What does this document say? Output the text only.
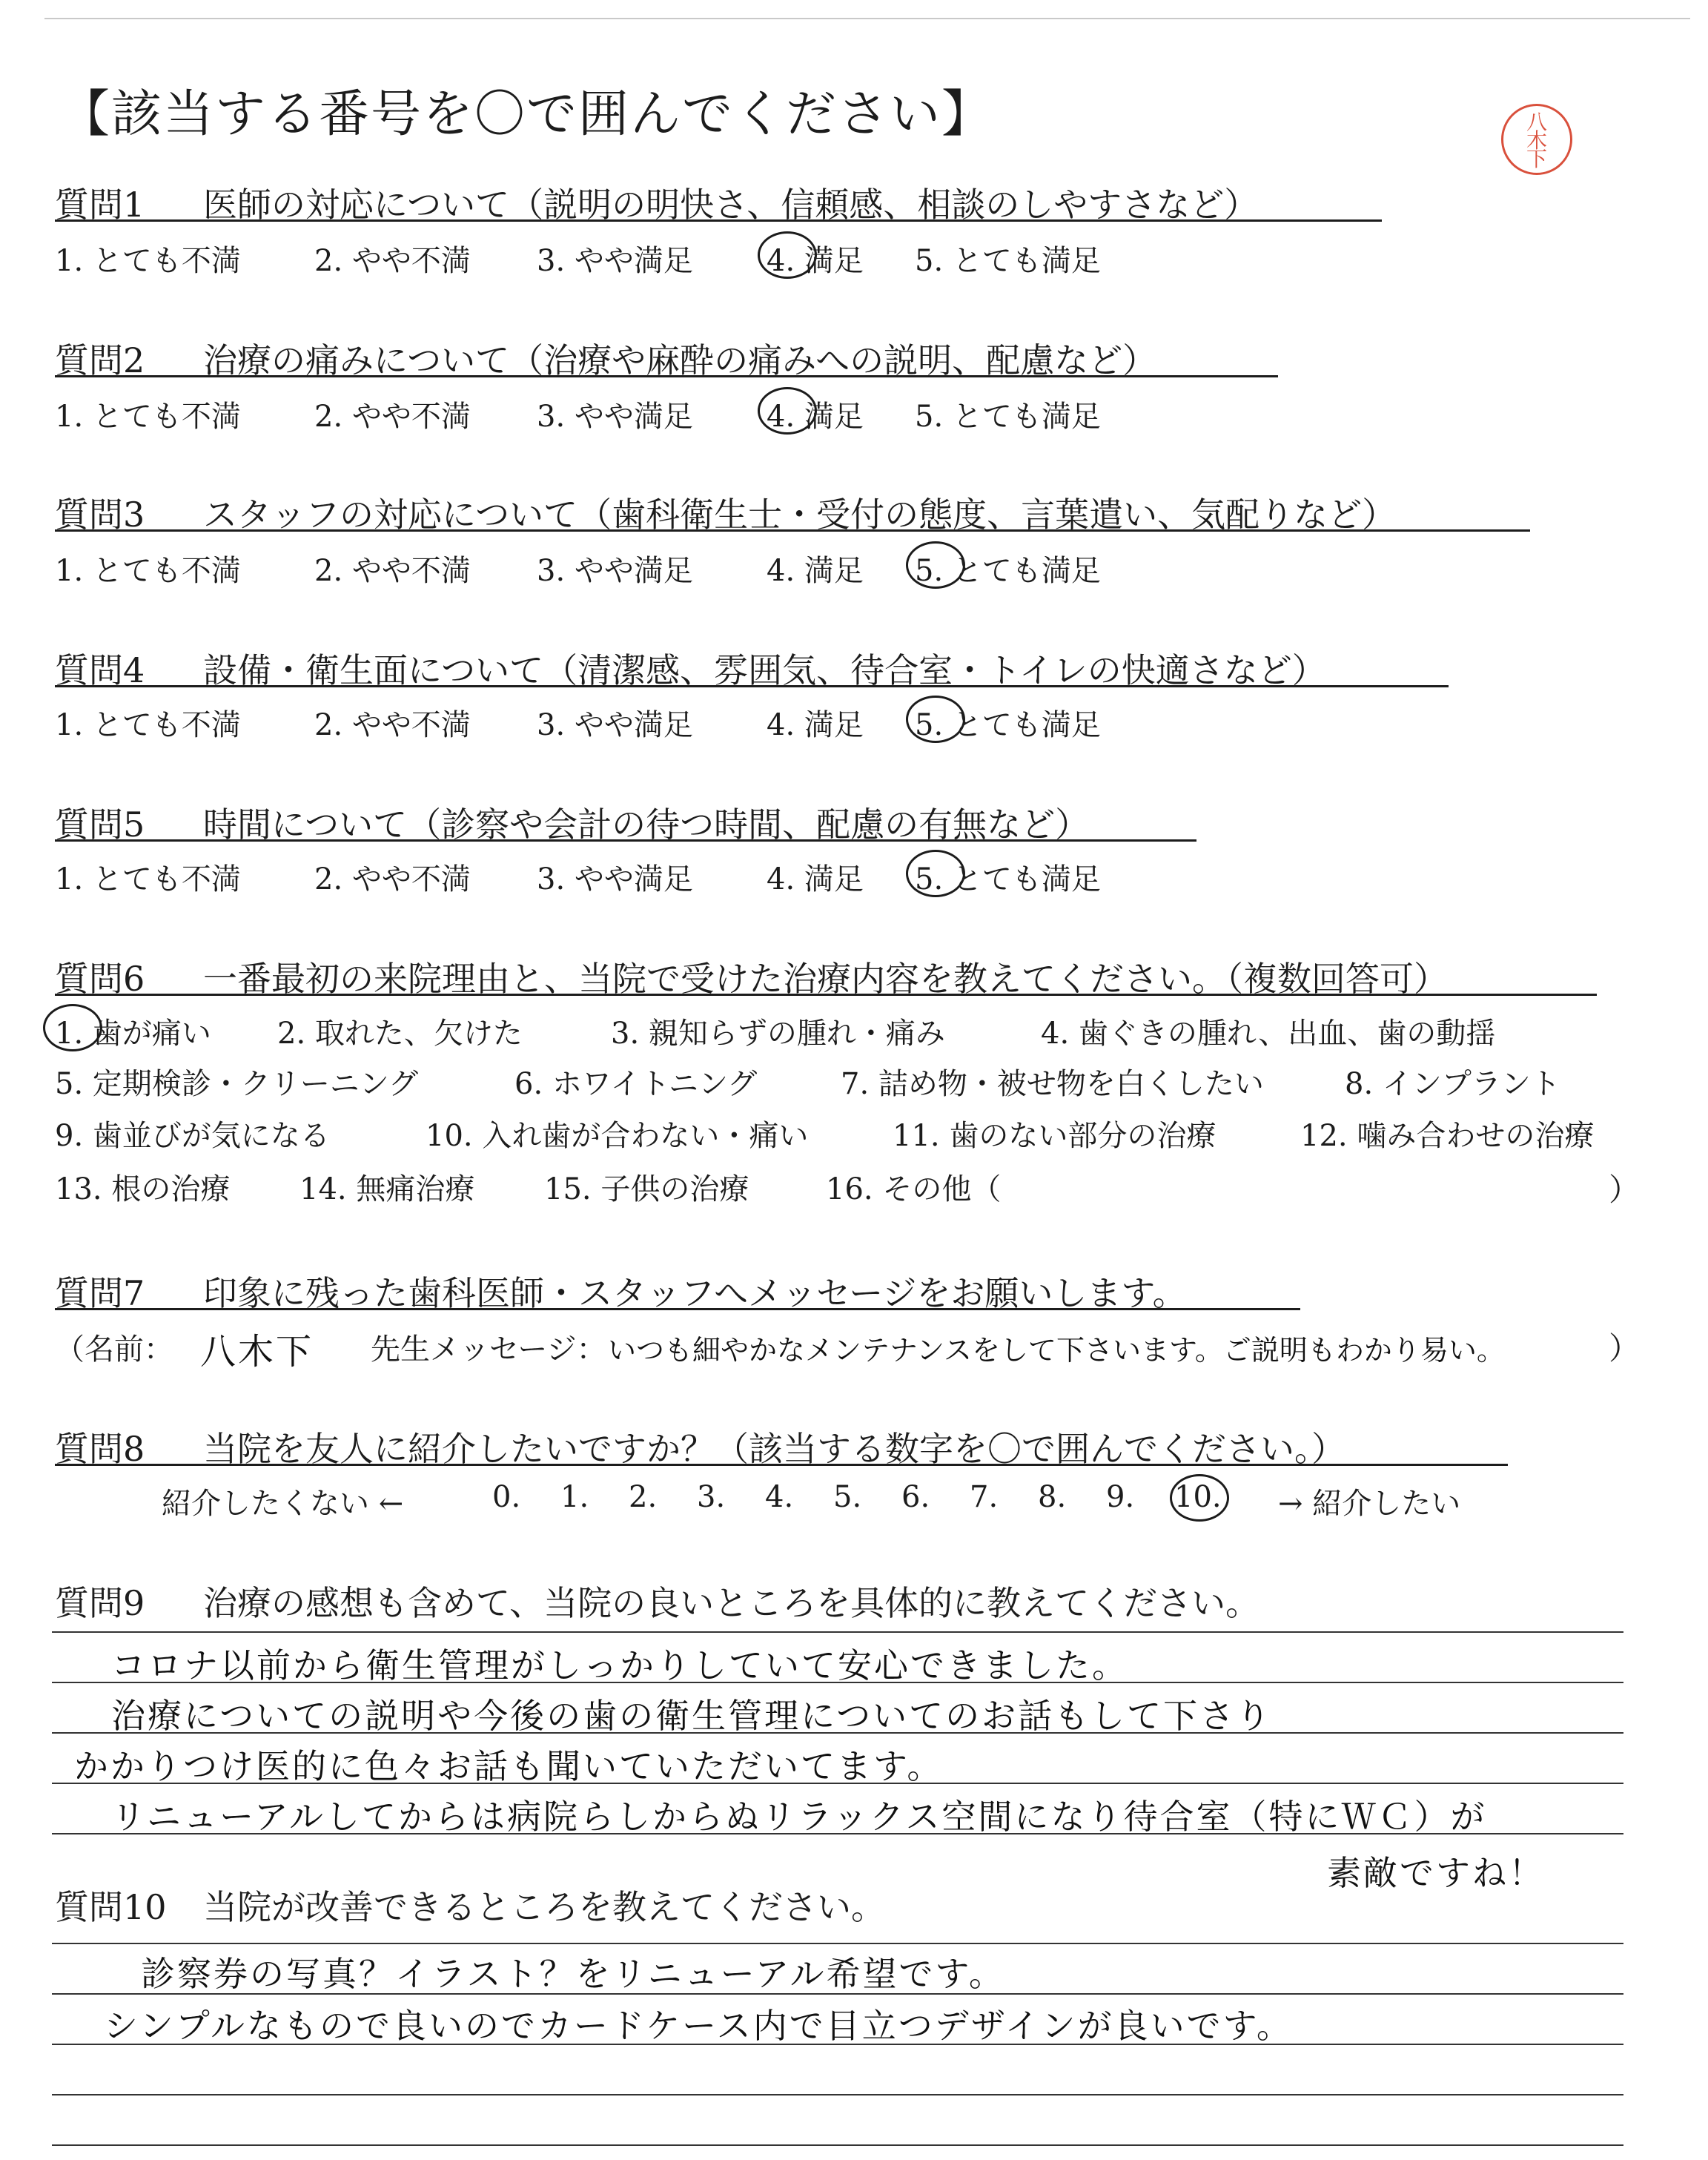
【該当する番号を〇で囲んでください】	八
木
下
質問1 医師の対応について（説明の明快さ、信頼感、相談のしやすさなど）
1. とても不満 2. やや不満 3. やや満足 4. 満足 5. とても満足
質問2 治療の痛みについて（治療や麻酔の痛みへの説明、配慮など）
1. とても不満 2. やや不満 3. やや満足 4. 満足 5. とても満足
質問3 スタッフの対応について（歯科衛生士・受付の態度、言葉遣い、気配りなど）
1. とても不満 2. やや不満 3. やや満足 4. 満足 5. とても満足
質問4 設備・衛生面について（清潔感、雰囲気、待合室・トイレの快適さなど）
1. とても不満 2. やや不満 3. やや満足 4. 満足 5. とても満足
質問5 時間について（診察や会計の待つ時間、配慮の有無など）
1. とても不満 2. やや不満 3. やや満足 4. 満足 5. とても満足
質問6 一番最初の来院理由と、当院で受けた治療内容を教えてください。（複数回答可）
1. 歯が痛い 2. 取れた、欠けた	3. 親知らずの腫れ・痛み	4. 歯ぐきの腫れ、出血、歯の動揺
5. 定期検診・クリーニング	6. ホワイトニング	7. 詰め物・被せ物を白くしたい	8. インプラント
9. 歯並びが気になる	10. 入れ歯が合わない・痛い	11. 歯のない部分の治療	12. 噛み合わせの治療
13. 根の治療 14. 無痛治療 15. 子供の治療	16. その他（	）
質問7 印象に残った歯科医師・スタッフへメッセージをお願いします。
（名前： 八木下 先生メッセージ： いつも細やかなメンテナンスをして下さいます。ご説明もわかり易い。	）
質問8 当院を友人に紹介したいですか？（該当する数字を〇で囲んでください。）
紹介したくない ←	0. 1. 2. 3. 4. 5. 6. 7. 8. 9. 10. → 紹介したい
質問9 治療の感想も含めて、当院の良いところを具体的に教えてください。
コロナ以前から衛生管理がしっかりしていて安心できました。
治療についての説明や今後の歯の衛生管理についてのお話もして下さり
かかりつけ医的に色々お話も聞いていただいてます。
リニューアルしてからは病院らしからぬリラックス空間になり待合室（特にＷＣ）が
素敵ですね！
質問10 当院が改善できるところを教えてください。
診察券の写真？イラスト？をリニューアル希望です。
シンプルなもので良いのでカードケース内で目立つデザインが良いです。
